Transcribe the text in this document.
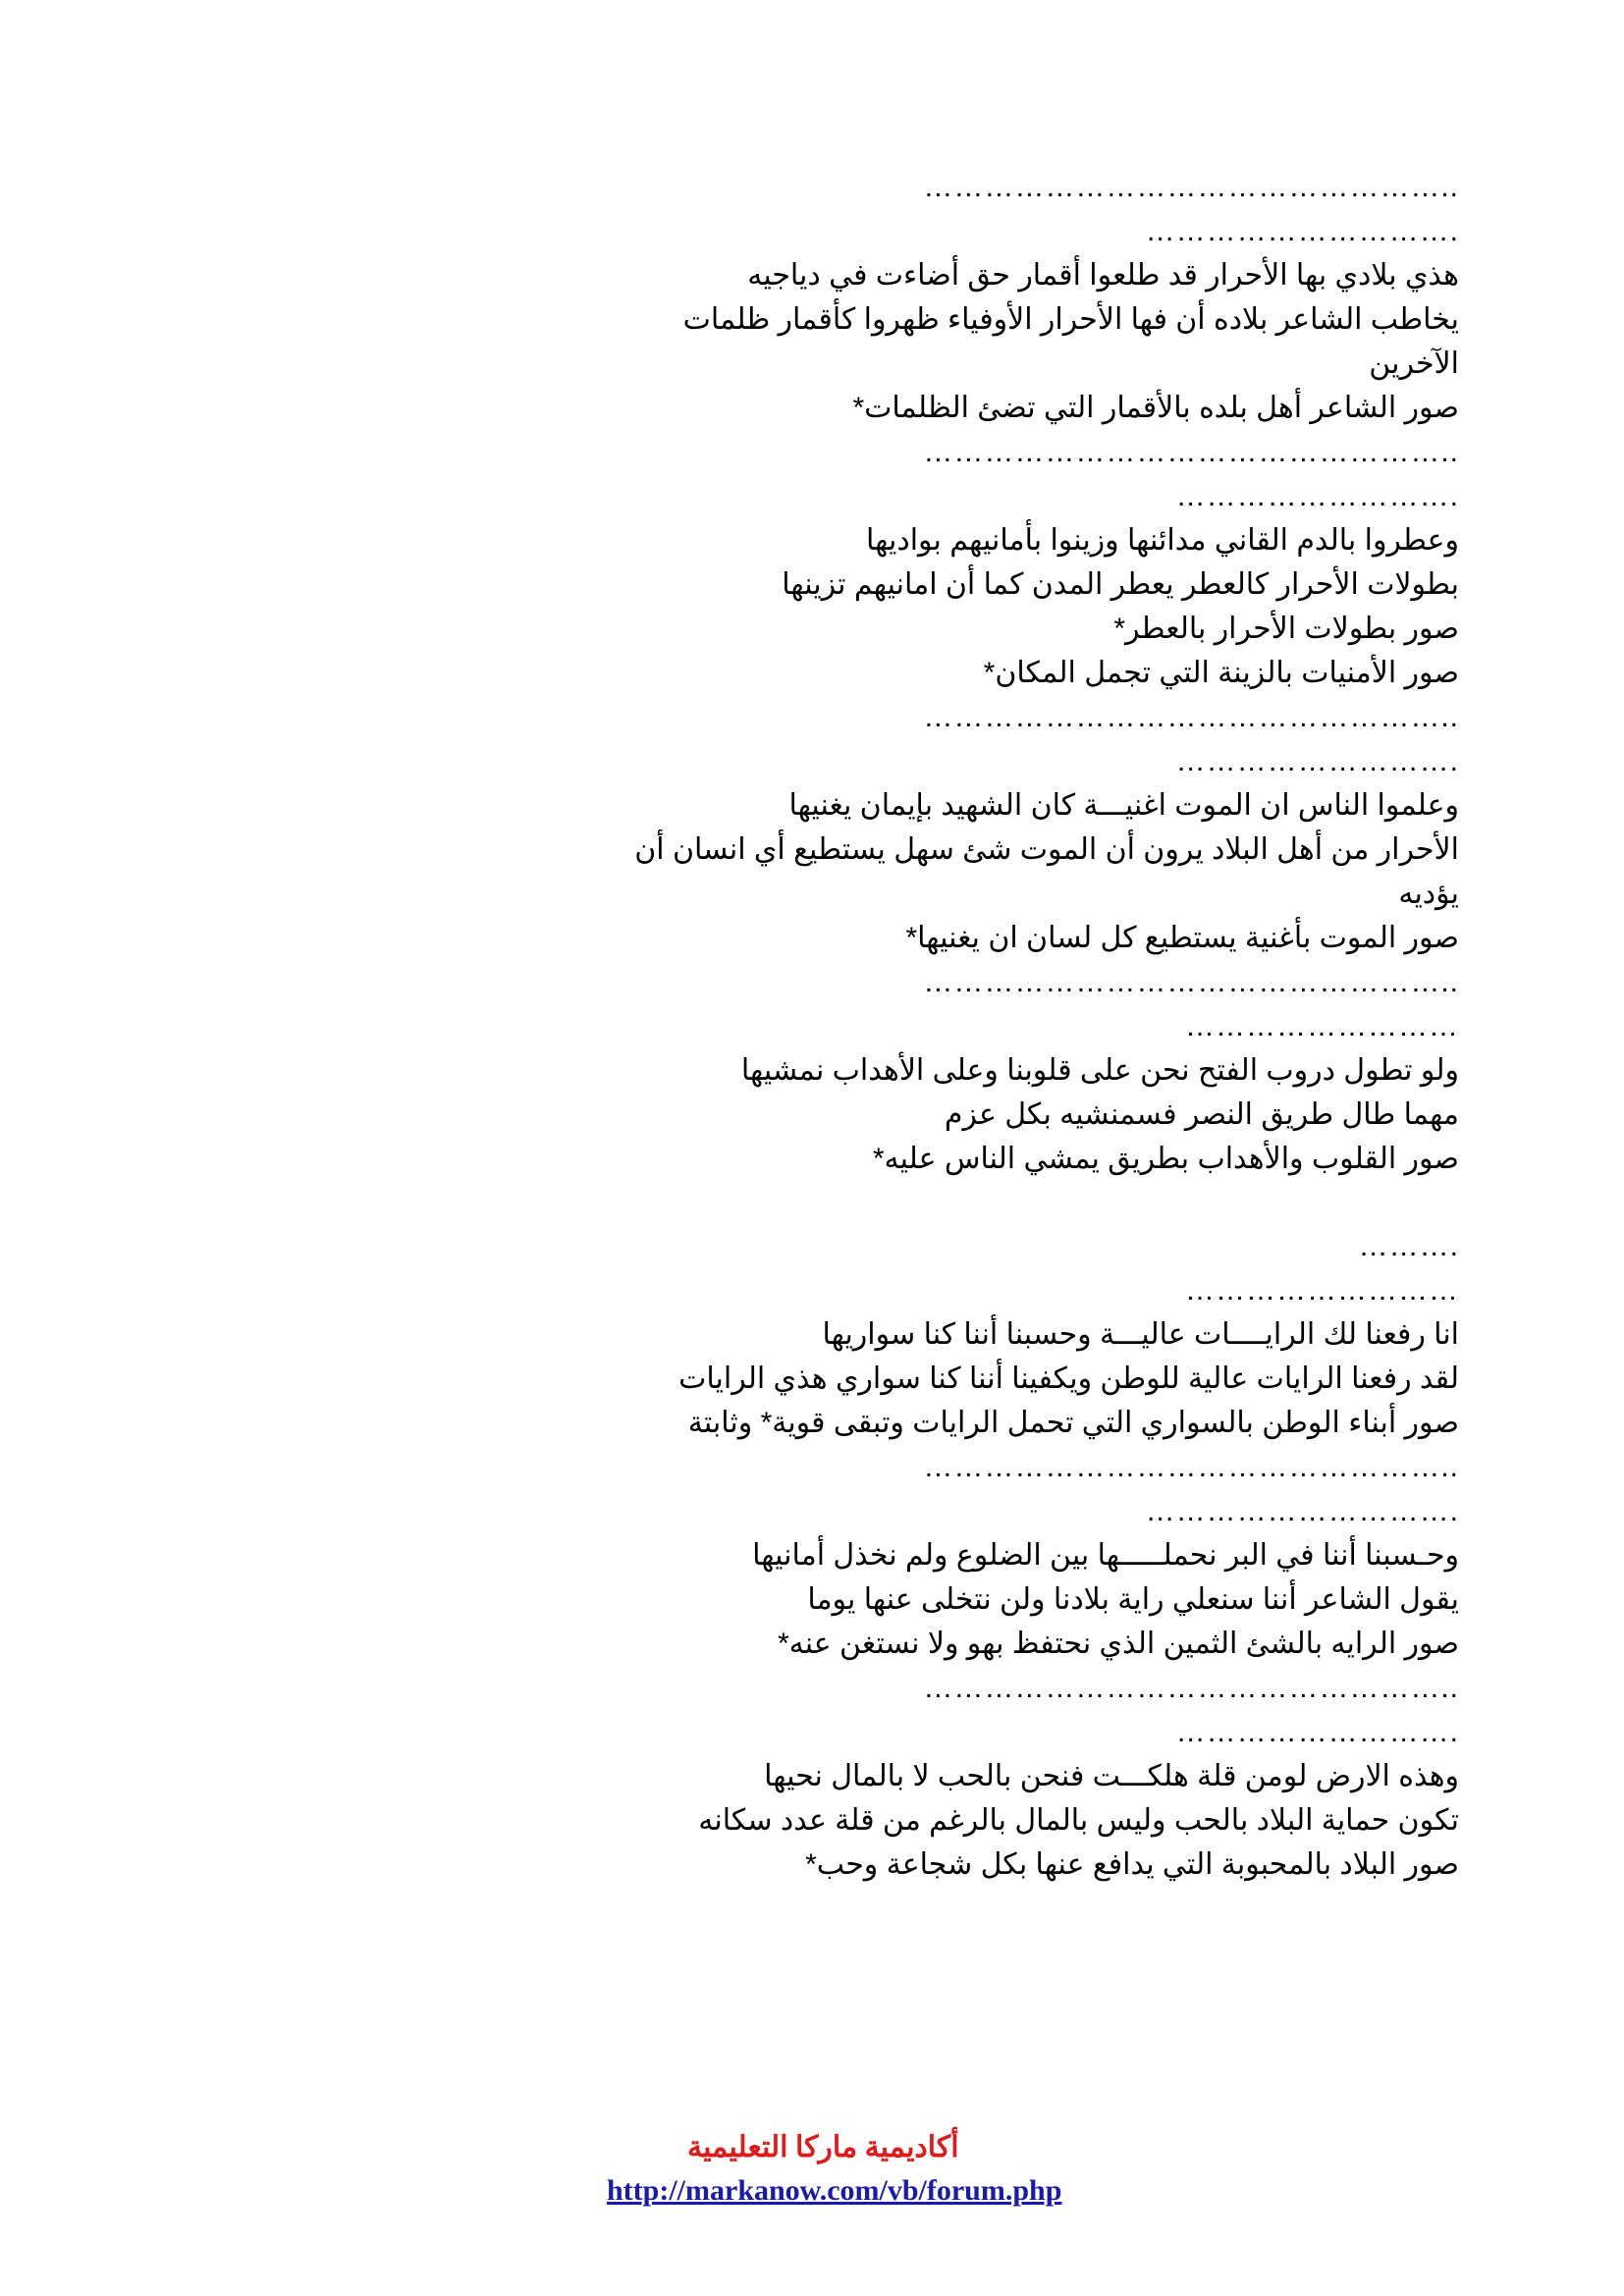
……………………………………………..
………………………….
هذي بلادي بها الأحرار قد طلعوا أقمار حق أضاءت في دياجيه
يخاطب الشاعر بلاده أن فها الأحرار الأوفياء ظهروا كأقمار ظلمات الآخرين
صور الشاعر أهل بلده بالأقمار التي تضئ الظلمات*
……………………………………………..
……………………….
وعطروا بالدم القاني مدائنها وزينوا بأمانيهم بواديها
بطولات الأحرار كالعطر يعطر المدن كما أن امانيهم تزينها
صور بطولات الأحرار بالعطر*
صور الأمنيات بالزينة التي تجمل المكان*
……………………………………………..
……………………….
وعلموا الناس ان الموت اغنيـــة كان الشهيد بإيمان يغنيها
الأحرار من أهل البلاد يرون أن الموت شئ سهل يستطيع أي انسان أن يؤديه
صور الموت بأغنية يستطيع كل لسان ان يغنيها*
……………………………………………..
………………………
ولو تطول دروب الفتح نحن على قلوبنا وعلى الأهداب نمشيها
مهما طال طريق النصر فسمنشيه بكل عزم
صور القلوب والأهداب بطريق يمشي الناس عليه*
……….
………………………
انا رفعنا لك الرايــــات عاليـــة وحسبنا أننا كنا سواريها
لقد رفعنا الرايات عالية للوطن ويكفينا أننا كنا سواري هذي الرايات
صور أبناء الوطن بالسواري التي تحمل الرايات وتبقى قوية* وثابتة
……………………………………………..
………………………….
وحـسبنا أننا في البر نحملـــــها بين الضلوع ولم نخذل أمانيها
يقول الشاعر أننا سنعلي راية بلادنا ولن نتخلى عنها يوما
صور الرايه بالشئ الثمين الذي نحتفظ بهو ولا نستغن عنه*
……………………………………………..
……………………….
وهذه الارض لومن قلة هلكـــت فنحن بالحب لا بالمال نحيها
تكون حماية البلاد بالحب وليس بالمال بالرغم من قلة عدد سكانه
صور البلاد بالمحبوبة التي يدافع عنها بكل شجاعة وحب*
أكاديمية ماركا التعليمية
http://markanow.com/vb/forum.php
